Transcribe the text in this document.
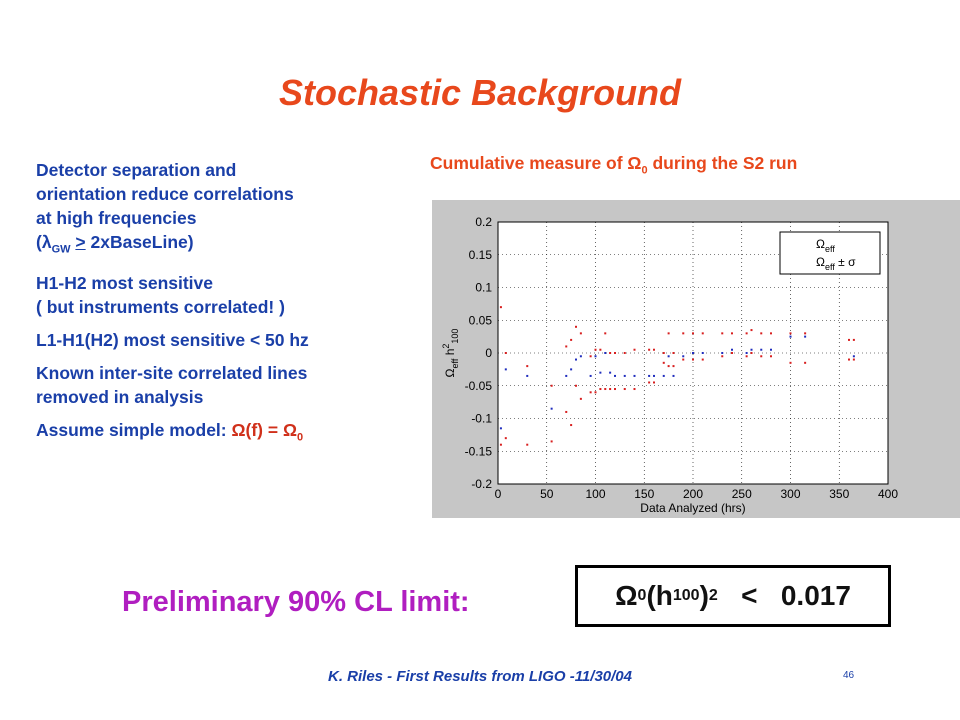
Stochastic Background

Detector separation and
orientation reduce correlations
at high frequencies
($\lambda_{GW}$ > 2xBaseLine)

H1-H2 most sensitive
( but instruments correlated! )

L1-H1(H2) most sensitive < 50 hz

Known inter-site correlated lines
removed in analysis

Assume simple model: $\Omega(f) = \Omega_0$

Cumulative measure of $\Omega_0$ during the S2 run
0	50	100 150 200 250 300 350 400
-0.2
-0.15
-0.1
-0.05
0
0.05
0.1
0.15
0.2
Data Analyzed (hrs)
$\Omega_{eff}$ $h^2_{100}$
$\Omega_{eff}$
$\Omega_{eff} \pm \sigma$
Preliminary 90% CL limit:	Ω 0 (h 100 ) 2 <   0.017
K. Riles - First Results from LIGO -11/30/04	46
